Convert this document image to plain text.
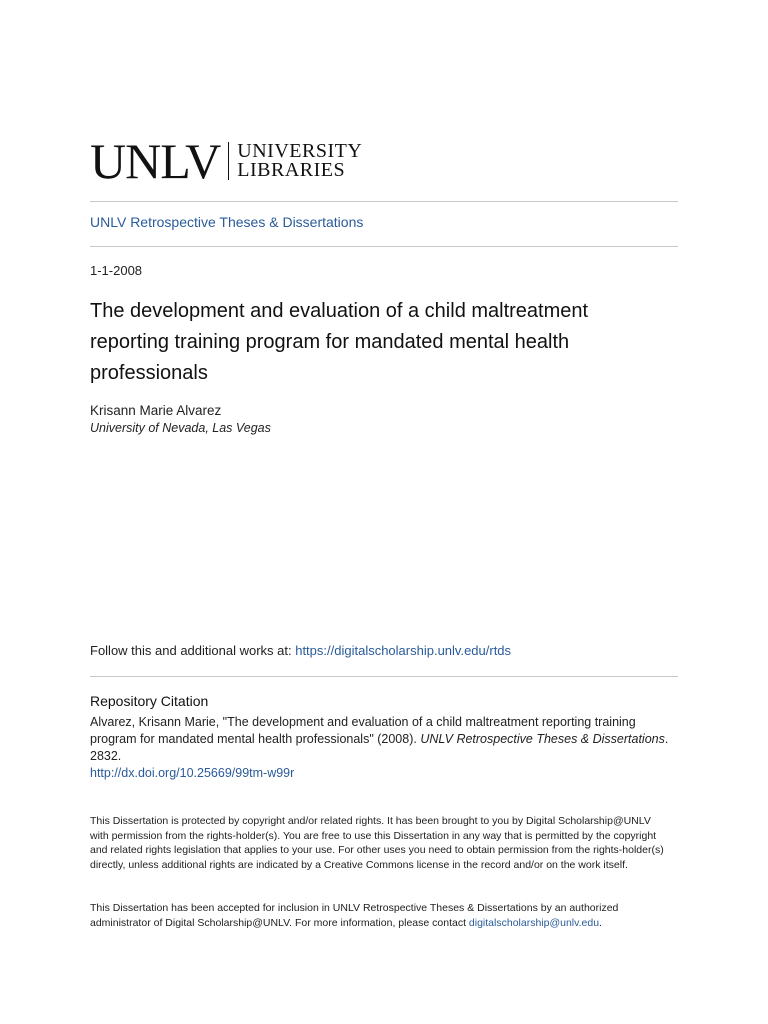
UNLV UNIVERSITY
LIBRARIES
UNLV Retrospective Theses & Dissertations
1-1-2008
The development and evaluation of a child maltreatment reporting training program for mandated mental health professionals
Krisann Marie Alvarez
University of Nevada, Las Vegas
Follow this and additional works at: https://digitalscholarship.unlv.edu/rtds
Repository Citation
Alvarez, Krisann Marie, "The development and evaluation of a child maltreatment reporting training program for mandated mental health professionals" (2008). UNLV Retrospective Theses & Dissertations. 2832.
http://dx.doi.org/10.25669/99tm-w99r
This Dissertation is protected by copyright and/or related rights. It has been brought to you by Digital Scholarship@UNLV with permission from the rights-holder(s). You are free to use this Dissertation in any way that is permitted by the copyright and related rights legislation that applies to your use. For other uses you need to obtain permission from the rights-holder(s) directly, unless additional rights are indicated by a Creative Commons license in the record and/or on the work itself.
This Dissertation has been accepted for inclusion in UNLV Retrospective Theses & Dissertations by an authorized administrator of Digital Scholarship@UNLV. For more information, please contact digitalscholarship@unlv.edu.
